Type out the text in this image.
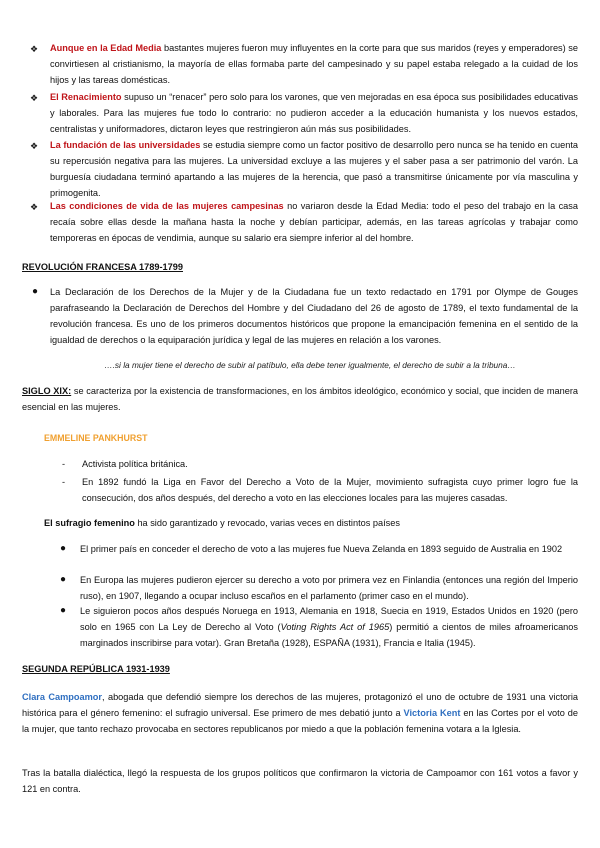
❖ Aunque en la Edad Media bastantes mujeres fueron muy influyentes en la corte para que sus maridos (reyes y emperadores) se convirtiesen al cristianismo, la mayoría de ellas formaba parte del campesinado y su papel estaba relegado a la cuidad de los hijos y las tareas domésticas.

❖ El Renacimiento supuso un “renacer” pero solo para los varones, que ven mejoradas en esa época sus posibilidades educativas y laborales. Para las mujeres fue todo lo contrario: no pudieron acceder a la educación humanista y los nuevos estados, centralistas y uniformadores, dictaron leyes que restringieron aún más sus posibilidades.

❖ La fundación de las universidades se estudia siempre como un factor positivo de desarrollo pero nunca se ha tenido en cuenta su repercusión negativa para las mujeres. La universidad excluye a las mujeres y el saber pasa a ser patrimonio del varón. La burguesía ciudadana terminó apartando a las mujeres de la herencia, que pasó a transmitirse únicamente por vía masculina y primogenita.

❖ Las condiciones de vida de las mujeres campesinas no variaron desde la Edad Media: todo el peso del trabajo en la casa recaía sobre ellas desde la mañana hasta la noche y debían participar, además, en las tareas agrícolas y trabajar como temporeras en épocas de vendimia, aunque su salario era siempre inferior al del hombre.

REVOLUCIÓN FRANCESA 1789-1799

● La Declaración de los Derechos de la Mujer y de la Ciudadana fue un texto redactado en 1791 por Olympe de Gouges parafraseando la Declaración de Derechos del Hombre y del Ciudadano del 26 de agosto de 1789, el texto fundamental de la revolución francesa. Es uno de los primeros documentos históricos que propone la emancipación femenina en el sentido de la igualdad de derechos o la equiparación jurídica y legal de las mujeres en relación a los varones.

….si la mujer tiene el derecho de subir al patíbulo, ella debe tener igualmente, el derecho de subir a la tribuna…

SIGLO XIX: se caracteriza por la existencia de transformaciones, en los ámbitos ideológico, económico y social, que inciden de manera esencial en las mujeres.

EMMELINE PANKHURST

- Activista política británica.

- En 1892 fundó la Liga en Favor del Derecho a Voto de la Mujer, movimiento sufragista cuyo primer logro fue la consecución, dos años después, del derecho a voto en las elecciones locales para las mujeres casadas.

El sufragio femenino ha sido garantizado y revocado, varias veces en distintos países

● El primer país en conceder el derecho de voto a las mujeres fue Nueva Zelanda en 1893 seguido de Australia en 1902

● En Europa las mujeres pudieron ejercer su derecho a voto por primera vez en Finlandia (entonces una región del Imperio ruso), en 1907, llegando a ocupar incluso escaños en el parlamento (primer caso en el mundo).

● Le siguieron pocos años después Noruega en 1913, Alemania en 1918, Suecia en 1919, Estados Unidos en 1920 (pero solo en 1965 con La Ley de Derecho al Voto (Voting Rights Act of 1965) permitió a cientos de miles afroamericanos marginados inscribirse para votar). Gran Bretaña (1928), ESPAÑA (1931), Francia e Italia (1945).

SEGUNDA REPÚBLICA 1931-1939

Clara Campoamor, abogada que defendió siempre los derechos de las mujeres, protagonizó el uno de octubre de 1931 una victoria histórica para el género femenino: el sufragio universal. Ese primero de mes debatió junto a Victoria Kent en las Cortes por el voto de la mujer, que tanto rechazo provocaba en sectores republicanos por miedo a que la población femenina votara a la Iglesia.

Tras la batalla dialéctica, llegó la respuesta de los grupos políticos que confirmaron la victoria de Campoamor con 161 votos a favor y 121 en contra.
